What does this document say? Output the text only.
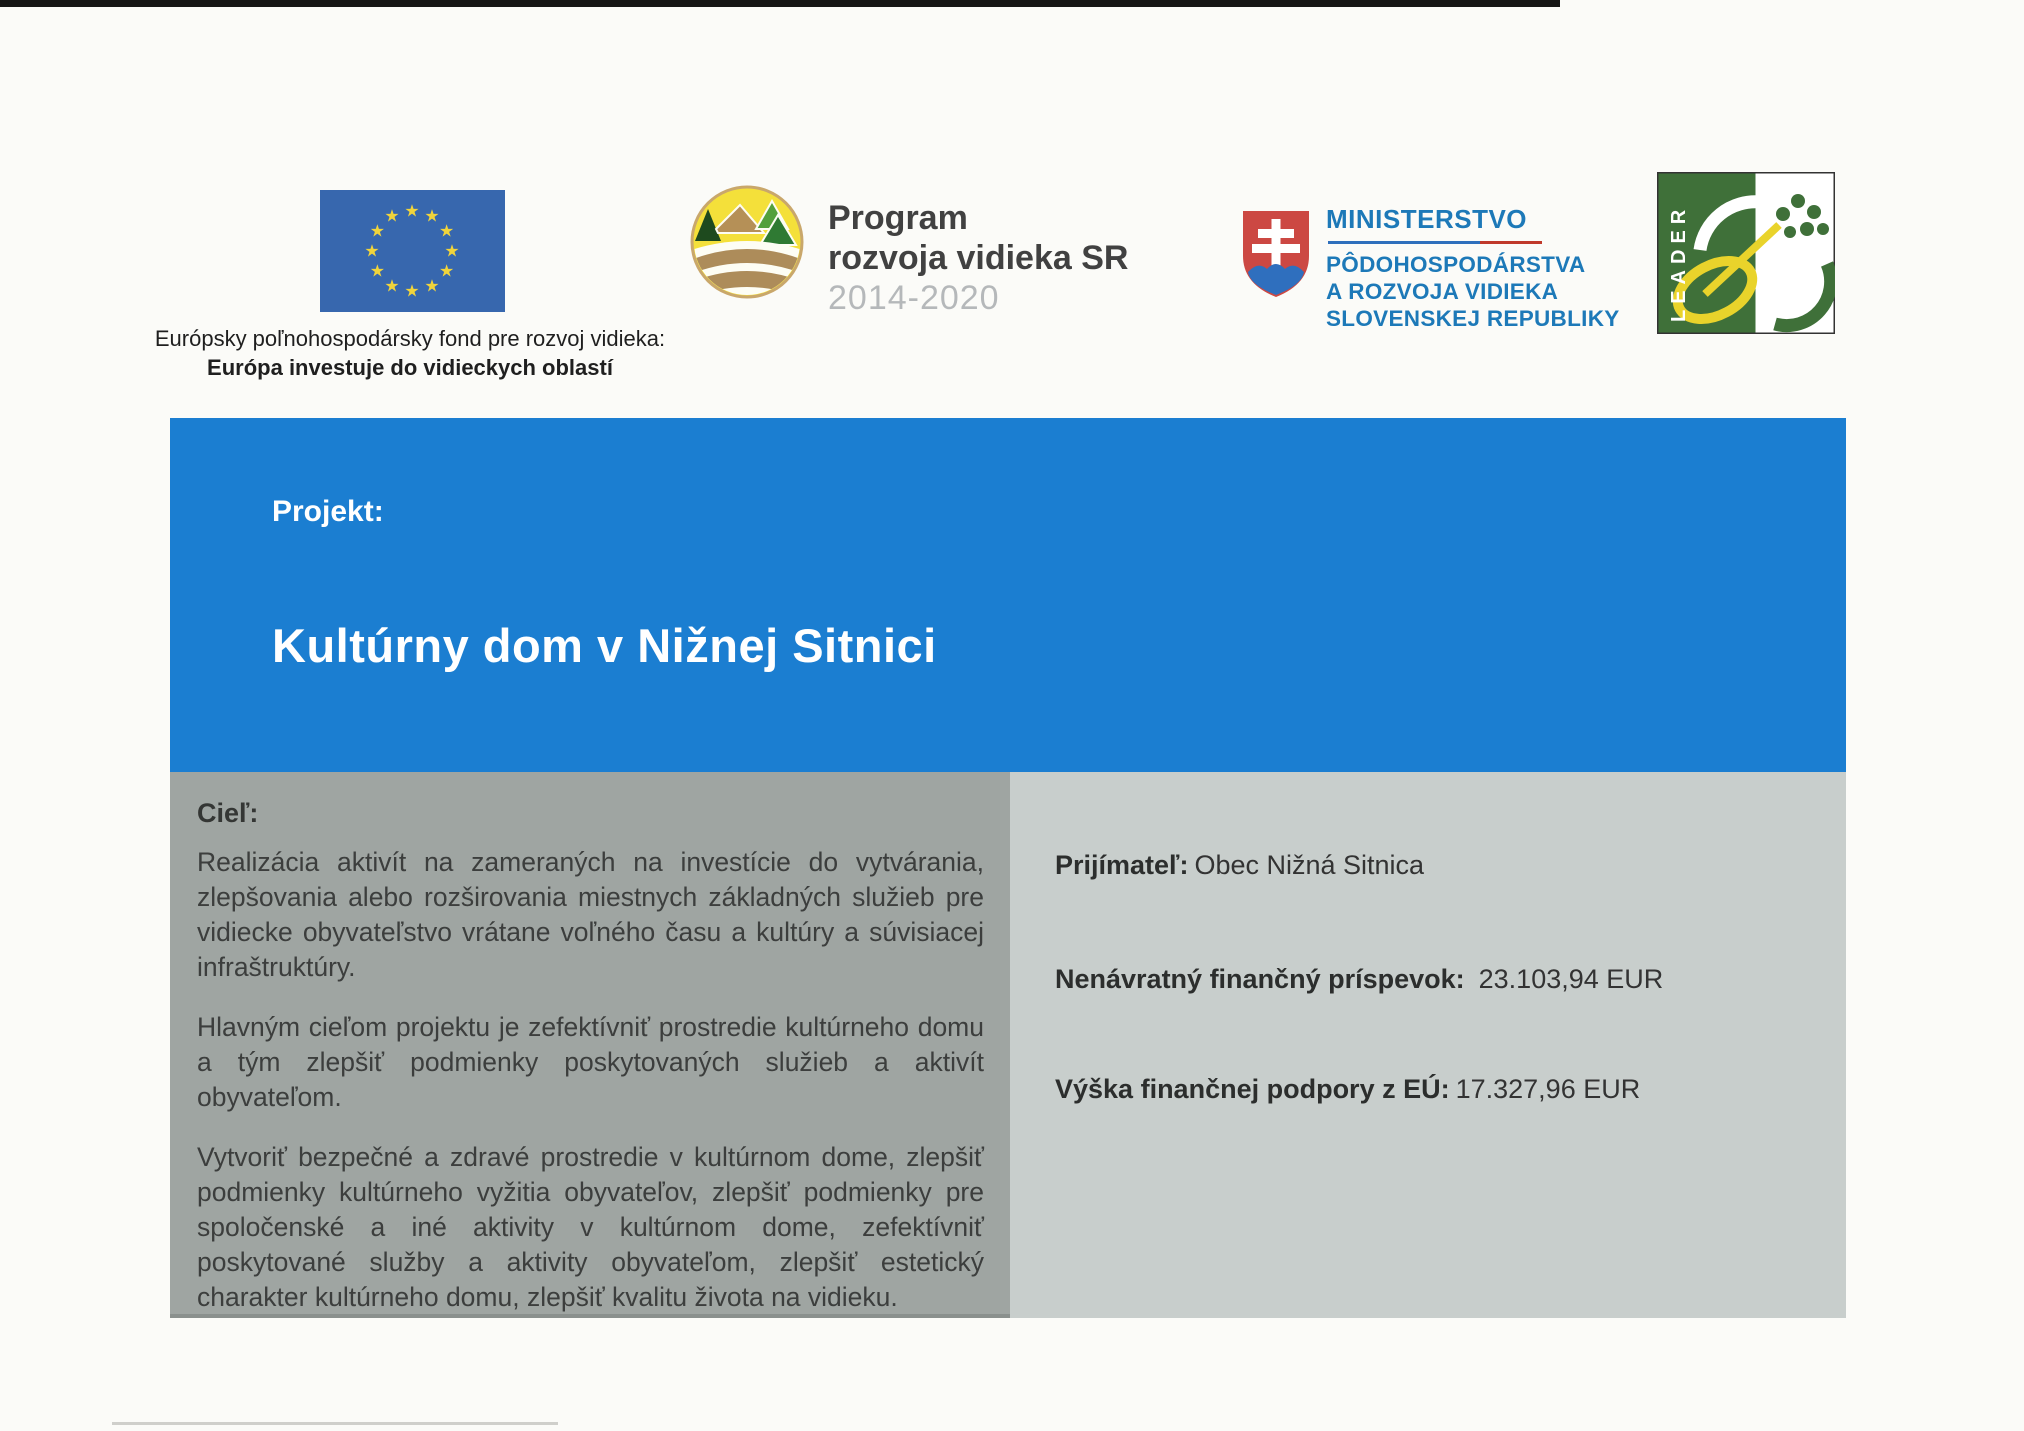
★ ★
★
★
★
★
★
★
★
★
★
★
Európsky poľnohospodársky fond pre rozvoj vidieka:
Európa investuje do vidieckych oblastí
Program
rozvoja vidieka SR
2014-2020
MINISTERSTVO
PÔDOHOSPODÁRSTVA
A ROZVOJA VIDIEKA
SLOVENSKEJ REPUBLIKY LEADER
Projekt:
Kultúrny dom v Nižnej Sitnici
Cieľ:

Realizácia aktivít na zameraných na investície do vytvárania, zlepšovania alebo rozširovania miestnych základných služieb pre vidiecke obyvateľstvo vrátane voľného času a kultúry a súvisiacej infraštruktúry.

Hlavným cieľom projektu je zefektívniť prostredie kultúrneho domu a tým zlepšiť podmienky poskytovaných služieb a aktivít obyvateľom.

Vytvoriť bezpečné a zdravé prostredie v kultúrnom dome, zlepšiť podmienky kultúrneho vyžitia obyvateľov, zlepšiť podmienky pre spoločenské a iné aktivity v kultúrnom dome, zefektívniť poskytované služby a aktivity obyvateľom, zlepšiť estetický charakter kultúrneho domu, zlepšiť kvalitu života na vidieku.

Prijímateľ: Obec Nižná Sitnica
Nenávratný finančný príspevok: 23.103,94 EUR
Výška finančnej podpory z EÚ: 17.327,96 EUR
